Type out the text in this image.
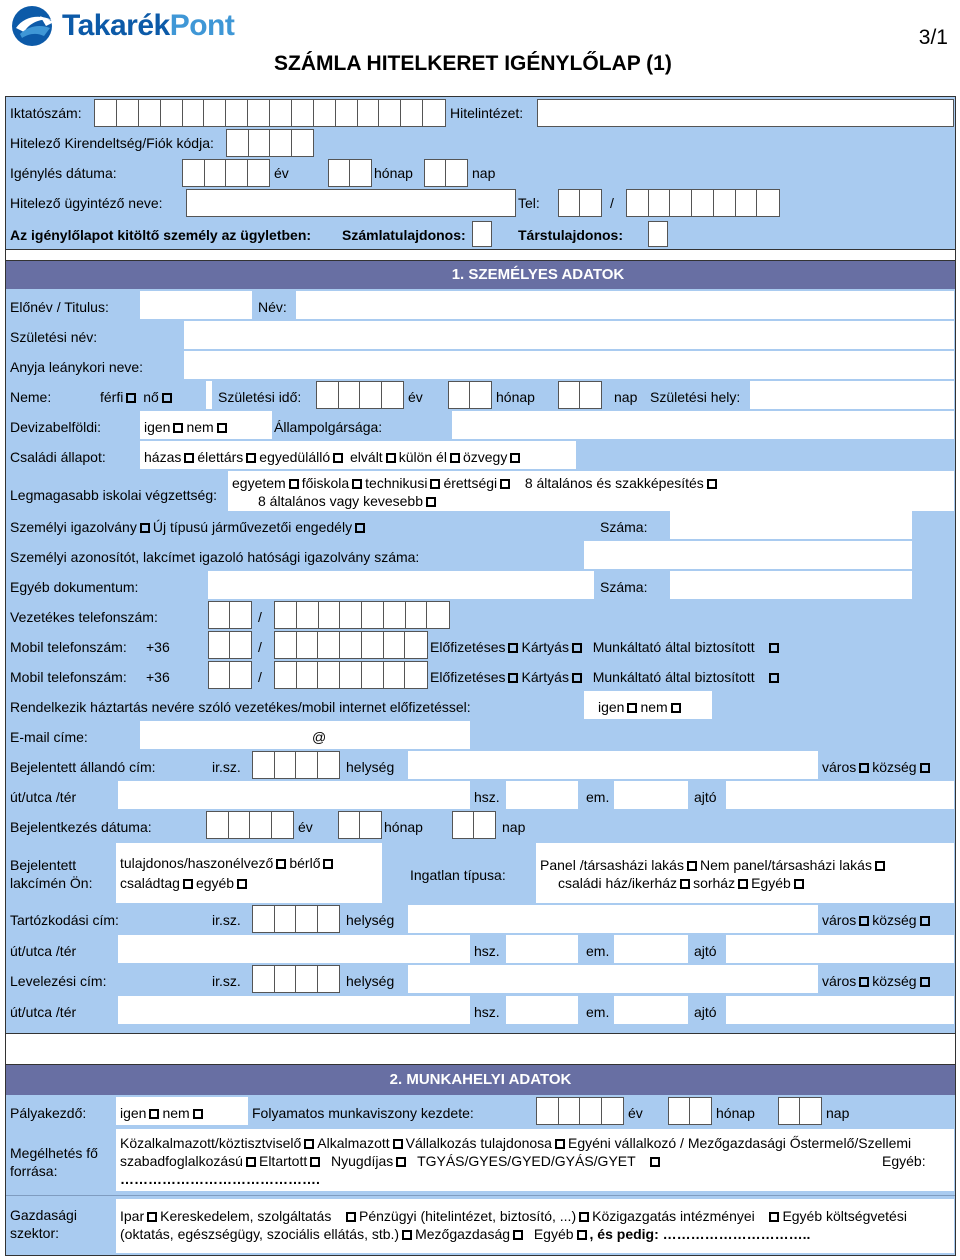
TakarékPont
SZÁMLA HITELKERET IGÉNYLŐLAP (1)
3/1
Iktatószám:	Hitelintézet:
Hitelező Kirendeltség/Fiók kódja:
Igénylés dátuma:	év	hónap	nap
Hitelező ügyintéző neve:	Tel:	/
Az igénylőlapot kitöltő személy az ügyletben: Számlatulajdonos:	Társtulajdonos:
1. SZEMÉLYES ADATOK
Előnév / Titulus:	Név:
Születési név:
Anyja leánykori neve:
Neme:	férfi nő	Születési idő:	év	hónap	nap Születési hely:
Devizabelföldi:	igen nem	Állampolgársága:
Családi állapot:	házas élettárs egyedülálló elvált külön él özvegy
Legmagasabb iskolai végzettség:
egyetem főiskola technikusi érettségi 8 általános és szakképesítés
8 általános vagy kevesebb
Személyi igazolvány Új típusú járművezetői engedély	Száma:
Személyi azonosítót, lakcímet igazoló hatósági igazolvány száma:
Egyéb dokumentum:	Száma:
Vezetékes telefonszám:	/
Mobil telefonszám: +36	/	Előfizetéses Kártyás Munkáltató által biztosított
Mobil telefonszám: +36	/	Előfizetéses Kártyás Munkáltató által biztosított
Rendelkezik háztartás nevére szóló vezetékes/mobil internet előfizetéssel:	igen nem
E-mail címe:	@
Bejelentett állandó cím:	ir.sz.	helység	város község
út/utca /tér	hsz.	em.	ajtó
Bejelentkezés dátuma:	év	hónap	nap
Bejelentett
lakcímén Ön:
tulajdonos/haszonélvező bérlő
családtag egyéb	Ingatlan típusa:
Panel /társasházi lakás Nem panel/társasházi lakás
családi ház/ikerház sorház Egyéb
Tartózkodási cím:	ir.sz.	helység	város község
út/utca /tér	hsz.	em.	ajtó
Levelezési cím:	ir.sz.	helység	város község
út/utca /tér	hsz.	em.	ajtó
2. MUNKAHELYI ADATOK
Pályakezdő: igen nem	Folyamatos munkaviszony kezdete:	év	hónap	nap
Megélhetés fő
forrása:
Közalkalmazott/köztisztviselő Alkalmazott Vállalkozás tulajdonosa Egyéni vállalkozó / Mezőgazdasági Őstermelő/Szellemi
szabadfoglalkozású Eltartott Nyugdíjas TGYÁS/GYES/GYED/GYÁS/GYET	Egyéb:
…………………………………….
Gazdasági
szektor:
Ipar Kereskedelem, szolgáltatás Pénzügyi (hitelintézet, biztosító, ...) Közigazgatás intézményei Egyéb költségvetési
(oktatás, egészségügy, szociális ellátás, stb.) Mezőgazdaság Egyéb , és pedig: …………………………..
